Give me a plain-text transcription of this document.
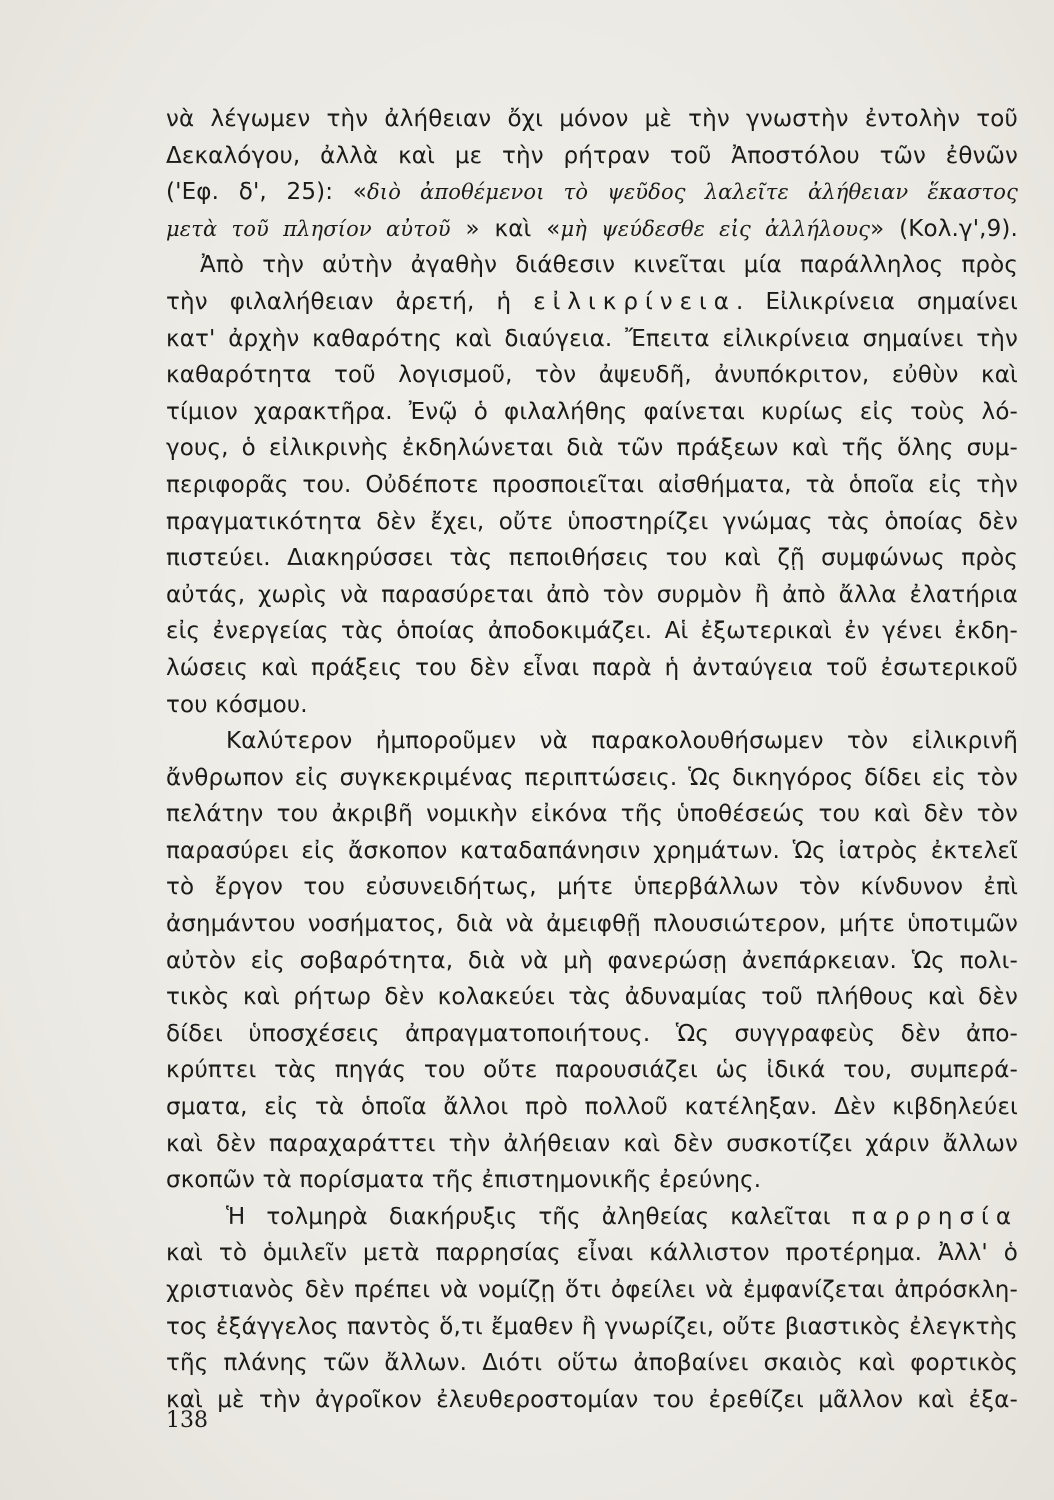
νὰ λέγωμεν τὴν ἀλήθειαν ὄχι μόνον μὲ τὴν γνωστὴν ἐντολὴν τοῦ
Δεκαλόγου, ἀλλὰ καὶ με τὴν ρήτραν τοῦ Ἀποστόλου τῶν ἐθνῶν
('Εφ. δ', 25): «διὸ ἀποθέμενοι τὸ ψεῦδος λαλεῖτε ἀλήθειαν ἕκαστος
μετὰ τοῦ πλησίον αὐτοῦ » καὶ «μὴ ψεύδεσθε εἰς ἀλλήλους» (Κολ.γ',9).
Ἀπὸ τὴν αὐτὴν ἀγαθὴν διάθεσιν κινεῖται μία παράλληλος πρὸς
τὴν φιλαλήθειαν ἀρετή, ἡ εἰλικρίνεια. Εἰλικρίνεια σημαίνει
κατ' ἀρχὴν καθαρότης καὶ διαύγεια. Ἔπειτα εἰλικρίνεια σημαίνει τὴν
καθαρότητα τοῦ λογισμοῦ, τὸν ἀψευδῆ, ἀνυπόκριτον, εὐθὺν καὶ
τίμιον χαρακτῆρα. Ἐνῷ ὁ φιλαλήθης φαίνεται κυρίως εἰς τοὺς λό-
γους, ὁ εἰλικρινὴς ἐκδηλώνεται διὰ τῶν πράξεων καὶ τῆς ὅλης συμ-
περιφορᾶς του. Οὐδέποτε προσποιεῖται αἰσθήματα, τὰ ὁποῖα εἰς τὴν
πραγματικότητα δὲν ἔχει, οὔτε ὑποστηρίζει γνώμας τὰς ὁποίας δὲν
πιστεύει. Διακηρύσσει τὰς πεποιθήσεις του καὶ ζῇ συμφώνως πρὸς
αὐτάς, χωρὶς νὰ παρασύρεται ἀπὸ τὸν συρμὸν ἢ ἀπὸ ἄλλα ἐλατήρια
εἰς ἐνεργείας τὰς ὁποίας ἀποδοκιμάζει. Αἱ ἐξωτερικαὶ ἐν γένει ἐκδη-
λώσεις καὶ πράξεις του δὲν εἶναι παρὰ ἡ ἀνταύγεια τοῦ ἐσωτερικοῦ
του κόσμου.
Καλύτερον ἠμποροῦμεν νὰ παρακολουθήσωμεν τὸν εἰλικρινῆ
ἄνθρωπον εἰς συγκεκριμένας περιπτώσεις. Ὡς δικηγόρος δίδει εἰς τὸν
πελάτην του ἀκριβῆ νομικὴν εἰκόνα τῆς ὑποθέσεώς του καὶ δὲν τὸν
παρασύρει εἰς ἄσκοπον καταδαπάνησιν χρημάτων. Ὡς ἰατρὸς ἐκτελεῖ
τὸ ἔργον του εὐσυνειδήτως, μήτε ὑπερβάλλων τὸν κίνδυνον ἐπὶ
ἀσημάντου νοσήματος, διὰ νὰ ἀμειφθῇ πλουσιώτερον, μήτε ὑποτιμῶν
αὐτὸν εἰς σοβαρότητα, διὰ νὰ μὴ φανερώσῃ ἀνεπάρκειαν. Ὡς πολι-
τικὸς καὶ ρήτωρ δὲν κολακεύει τὰς ἀδυναμίας τοῦ πλήθους καὶ δὲν
δίδει ὑποσχέσεις ἀπραγματοποιήτους. Ὡς συγγραφεὺς δὲν ἀπο-
κρύπτει τὰς πηγάς του οὔτε παρουσιάζει ὡς ἰδικά του, συμπερά-
σματα, εἰς τὰ ὁποῖα ἄλλοι πρὸ πολλοῦ κατέληξαν. Δὲν κιβδηλεύει
καὶ δὲν παραχαράττει τὴν ἀλήθειαν καὶ δὲν συσκοτίζει χάριν ἄλλων
σκοπῶν τὰ πορίσματα τῆς ἐπιστημονικῆς ἐρεύνης.
Ἡ τολμηρὰ διακήρυξις τῆς ἀληθείας καλεῖται παρρησία
καὶ τὸ ὁμιλεῖν μετὰ παρρησίας εἶναι κάλλιστον προτέρημα. Ἀλλ' ὁ
χριστιανὸς δὲν πρέπει νὰ νομίζῃ ὅτι ὀφείλει νὰ ἐμφανίζεται ἀπρόσκλη-
τος ἐξάγγελος παντὸς ὅ,τι ἔμαθεν ἢ γνωρίζει, οὔτε βιαστικὸς ἐλεγκτὴς
τῆς πλάνης τῶν ἄλλων. Διότι οὕτω ἀποβαίνει σκαιὸς καὶ φορτικὸς
καὶ μὲ τὴν ἀγροῖκον ἐλευθεροστομίαν του ἐρεθίζει μᾶλλον καὶ ἐξα-
138
